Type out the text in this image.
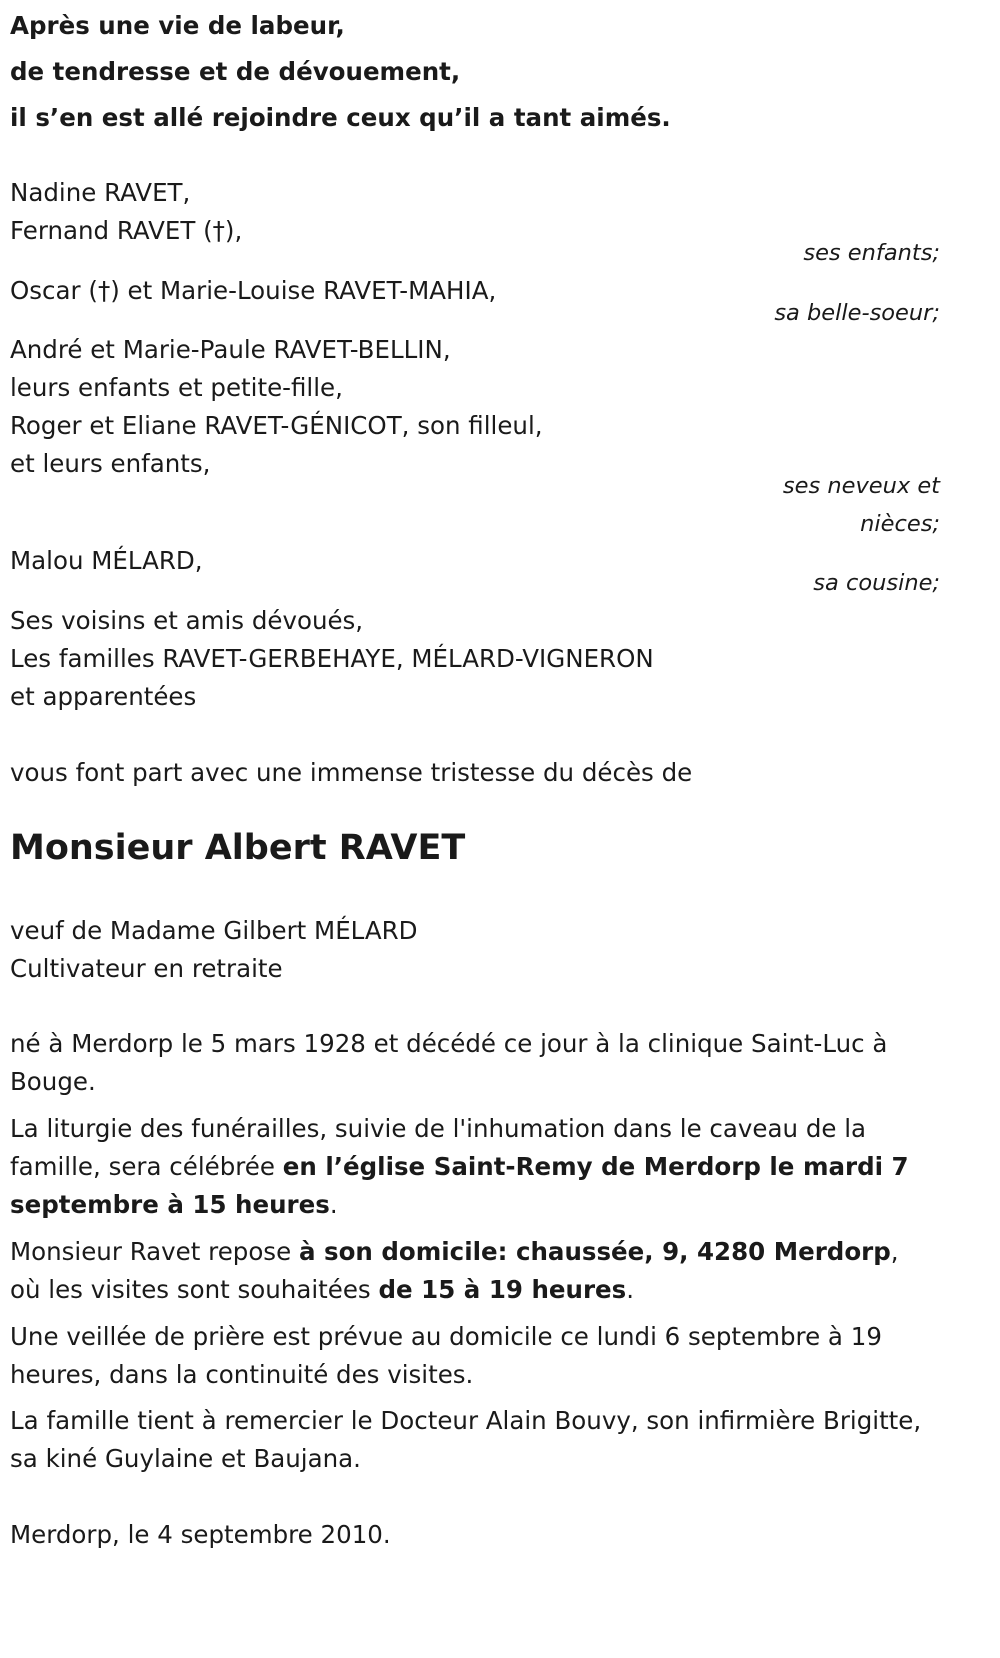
Après une vie de labeur,
de tendresse et de dévouement,
il s’en est allé rejoindre ceux qu’il a tant aimés.
Nadine RAVET,
Fernand RAVET (†),
ses enfants;
Oscar (†) et Marie-Louise RAVET-MAHIA,
sa belle-soeur;
André et Marie-Paule RAVET-BELLIN,
leurs enfants et petite-fille,
Roger et Eliane RAVET-GÉNICOT, son filleul,
et leurs enfants,
ses neveux et
nièces;
Malou MÉLARD,
sa cousine;
Ses voisins et amis dévoués,
Les familles RAVET-GERBEHAYE, MÉLARD-VIGNERON
et apparentées
vous font part avec une immense tristesse du décès de
Monsieur Albert RAVET
veuf de Madame Gilbert MÉLARD
Cultivateur en retraite
né à Merdorp le 5 mars 1928 et décédé ce jour à la clinique Saint-Luc à Bouge.
La liturgie des funérailles, suivie de l'inhumation dans le caveau de la famille, sera célébrée en l’église Saint-Remy de Merdorp le mardi 7 septembre à 15 heures.
Monsieur Ravet repose à son domicile: chaussée, 9, 4280 Merdorp, où les visites sont souhaitées de 15 à 19 heures.
Une veillée de prière est prévue au domicile ce lundi 6 septembre à 19 heures, dans la continuité des visites.
La famille tient à remercier le Docteur Alain Bouvy, son infirmière Brigitte, sa kiné Guylaine et Baujana.
Merdorp, le 4 septembre 2010.
